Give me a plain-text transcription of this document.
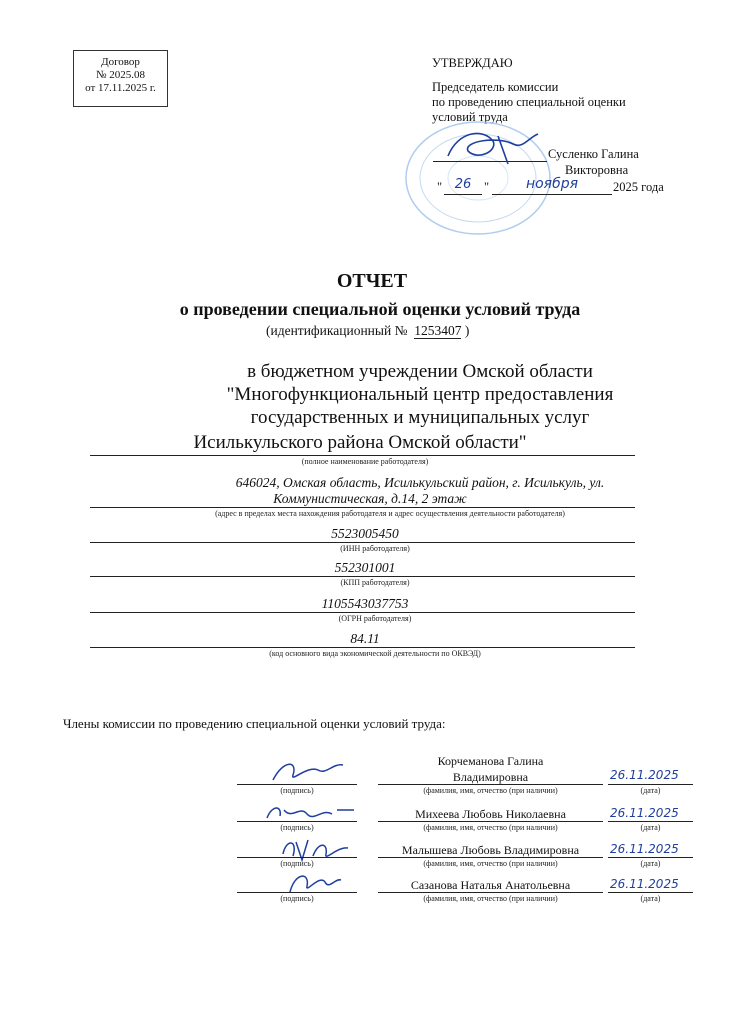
Договор
№ 2025.08
от 17.11.2025 г.
УТВЕРЖДАЮ
Председатель комиссии
по проведению специальной оценки
условий труда
Сусленко Галина
Викторовна
" 26	"	ноября	2025 года
ОТЧЕТ
о проведении специальной оценки условий труда
(идентификационный № 1253407 )
в бюджетном учреждении Омской области
"Многофункциональный центр предоставления
государственных и муниципальных услуг
Исилькульского района Омской области"
(полное наименование работодателя)
646024, Омская область, Исилькульский район, г. Исилькуль, ул.
Коммунистическая, д.14, 2 этаж
(адрес в пределах места нахождения работодателя и адрес осуществления деятельности работодателя)
5523005450
(ИНН работодателя)
552301001
(КПП работодателя)
1105543037753
(ОГРН работодателя)
84.11
(код основного вида экономической деятельности по ОКВЭД)
Члены комиссии по проведению специальной оценки условий труда:
Корчеманова Галина
Владимировна
(подпись)	(фамилия, имя, отчество (при наличии)
26.11.2025
(дата)
Михеева Любовь Николаевна
(подпись)	(фамилия, имя, отчество (при наличии)
26.11.2025
(дата)
Малышева Любовь Владимировна
(подпись)	(фамилия, имя, отчество (при наличии)
26.11.2025
(дата)
Сазанова Наталья Анатольевна
(подпись)	(фамилия, имя, отчество (при наличии)
26.11.2025
(дата)
